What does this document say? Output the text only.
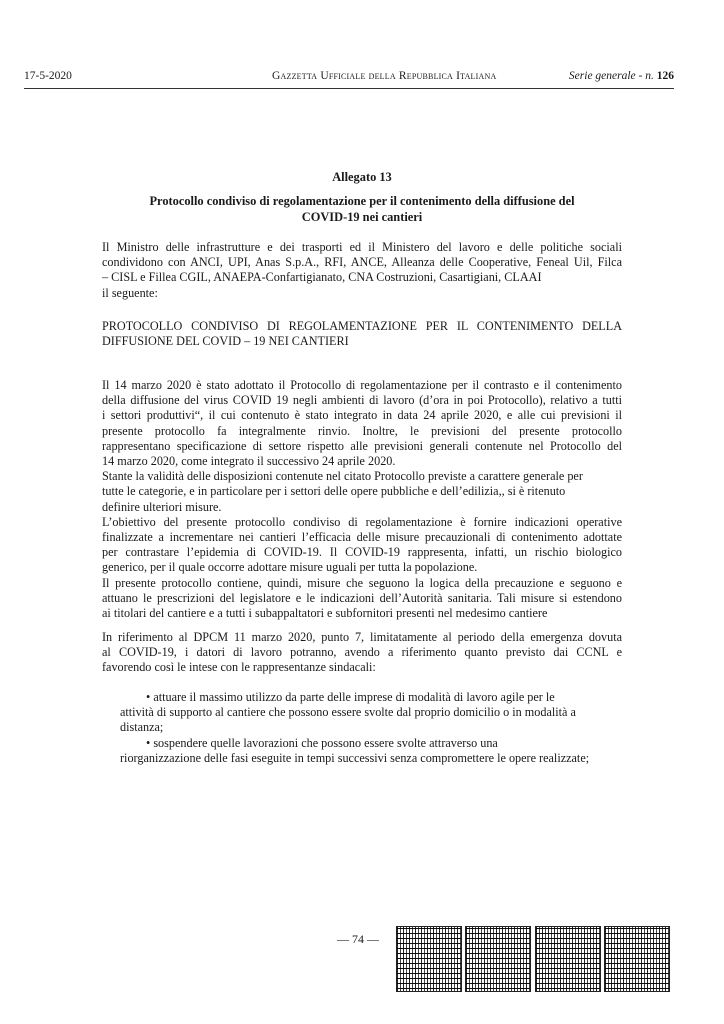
17-5-2020	Gazzetta Ufficiale della Repubblica Italiana	Serie generale - n. 126
Allegato 13
Protocollo condiviso di regolamentazione per il contenimento della diffusione del
COVID-19 nei cantieri
Il Ministro delle infrastrutture e dei trasporti ed il Ministero del lavoro e delle politiche sociali
condividono con ANCI, UPI, Anas S.p.A., RFI, ANCE, Alleanza delle Cooperative, Feneal Uil, Filca
– CISL e Fillea CGIL, ANAEPA-Confartigianato, CNA Costruzioni, Casartigiani, CLAAI
il seguente:
PROTOCOLLO CONDIVISO DI REGOLAMENTAZIONE PER IL CONTENIMENTO DELLA
DIFFUSIONE DEL COVID – 19 NEI CANTIERI
Il 14 marzo 2020 è stato adottato il Protocollo di regolamentazione per il contrasto e il contenimento
della diffusione del virus COVID 19 negli ambienti di lavoro (d’ora in poi Protocollo), relativo a tutti
i settori produttivi“, il cui contenuto è stato integrato in data 24 aprile 2020, e alle cui previsioni il
presente protocollo fa integralmente rinvio. Inoltre, le previsioni del presente protocollo
rappresentano specificazione di settore rispetto alle previsioni generali contenute nel Protocollo del
14 marzo 2020, come integrato il successivo 24 aprile 2020.
Stante la validità delle disposizioni contenute nel citato Protocollo previste a carattere generale per
tutte le categorie, e in particolare per i settori delle opere pubbliche e dell’edilizia,, si è ritenuto
definire ulteriori misure.
L’obiettivo del presente protocollo condiviso di regolamentazione è fornire indicazioni operative
finalizzate a incrementare nei cantieri l’efficacia delle misure precauzionali di contenimento adottate
per contrastare l’epidemia di COVID-19. Il COVID-19 rappresenta, infatti, un rischio biologico
generico, per il quale occorre adottare misure uguali per tutta la popolazione.
Il presente protocollo contiene, quindi, misure che seguono la logica della precauzione e seguono e
attuano le prescrizioni del legislatore e le indicazioni dell’Autorità sanitaria. Tali misure si estendono
ai titolari del cantiere e a tutti i subappaltatori e subfornitori presenti nel medesimo cantiere
In riferimento al DPCM 11 marzo 2020, punto 7, limitatamente al periodo della emergenza dovuta
al COVID-19, i datori di lavoro potranno, avendo a riferimento quanto previsto dai CCNL e
favorendo così le intese con le rappresentanze sindacali:
• attuare il massimo utilizzo da parte delle imprese di modalità di lavoro agile per le
attività di supporto al cantiere che possono essere svolte dal proprio domicilio o in modalità a
distanza;
• sospendere quelle lavorazioni che possono essere svolte attraverso una
riorganizzazione delle fasi eseguite in tempi successivi senza compromettere le opere realizzate;
— 74 —
